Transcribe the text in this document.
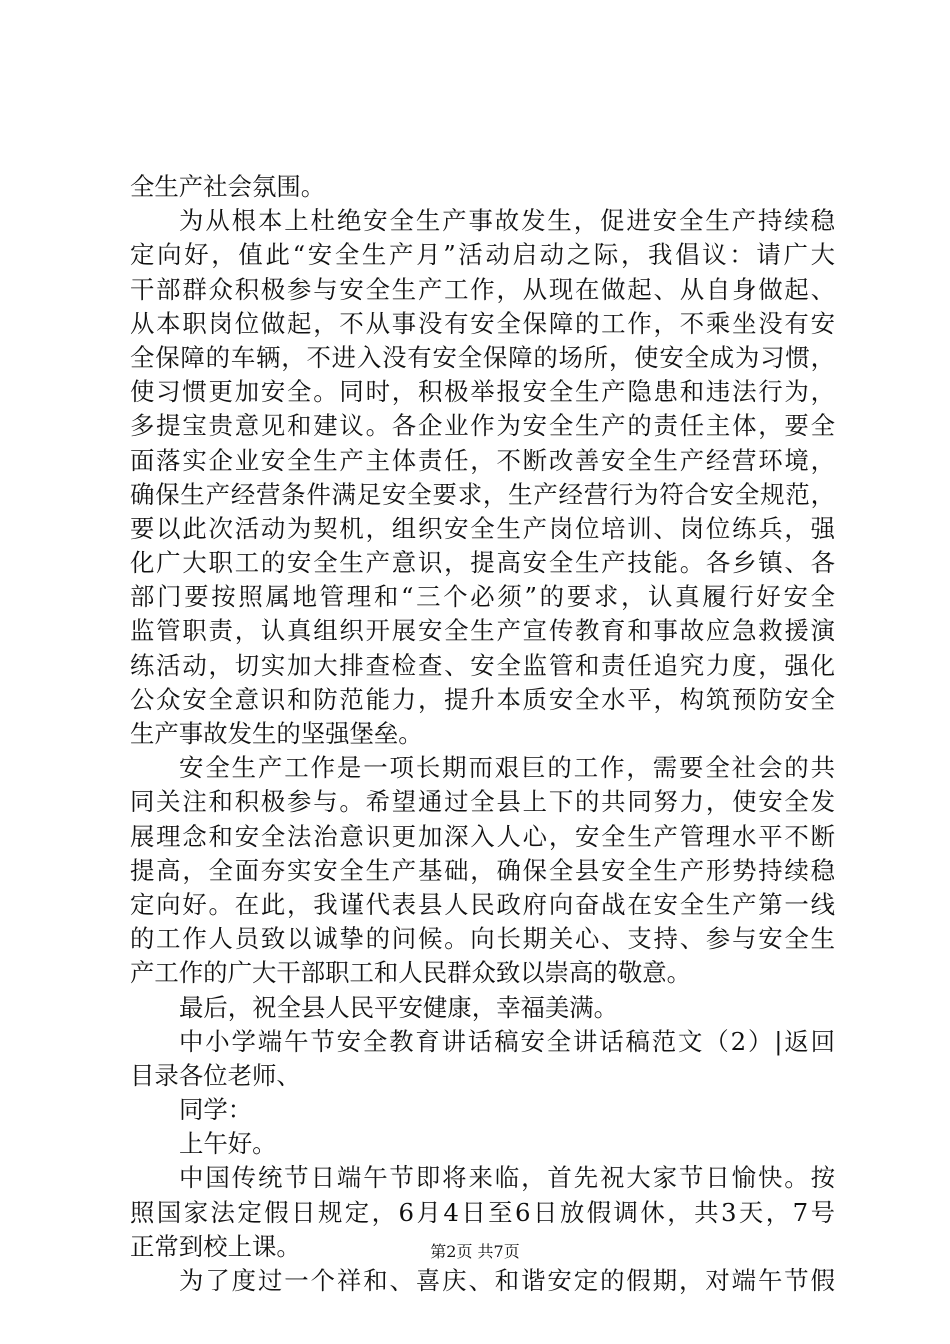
全生产社会氛围。
为从根本上杜绝安全生产事故发生，促进安全生产持续稳
定向好，值此“安全生产月”活动启动之际，我倡议：请广大
干部群众积极参与安全生产工作，从现在做起、从自身做起、
从本职岗位做起，不从事没有安全保障的工作，不乘坐没有安
全保障的车辆，不进入没有安全保障的场所，使安全成为习惯，
使习惯更加安全。同时，积极举报安全生产隐患和违法行为，
多提宝贵意见和建议。各企业作为安全生产的责任主体，要全
面落实企业安全生产主体责任，不断改善安全生产经营环境，
确保生产经营条件满足安全要求，生产经营行为符合安全规范，
要以此次活动为契机，组织安全生产岗位培训、岗位练兵，强
化广大职工的安全生产意识，提高安全生产技能。各乡镇、各
部门要按照属地管理和“三个必须”的要求，认真履行好安全
监管职责，认真组织开展安全生产宣传教育和事故应急救援演
练活动，切实加大排查检查、安全监管和责任追究力度，强化
公众安全意识和防范能力，提升本质安全水平，构筑预防安全
生产事故发生的坚强堡垒。
安全生产工作是一项长期而艰巨的工作，需要全社会的共
同关注和积极参与。希望通过全县上下的共同努力，使安全发
展理念和安全法治意识更加深入人心，安全生产管理水平不断
提高，全面夯实安全生产基础，确保全县安全生产形势持续稳
定向好。在此，我谨代表县人民政府向奋战在安全生产第一线
的工作人员致以诚挚的问候。向长期关心、支持、参与安全生
产工作的广大干部职工和人民群众致以崇高的敬意。
最后，祝全县人民平安健康，幸福美满。
中小学端午节安全教育讲话稿安全讲话稿范文（2）|返回
目录各位老师、
同学：
上午好。
中国传统节日端午节即将来临，首先祝大家节日愉快。按
照国家法定假日规定，6月4日至6日放假调休，共3天，7号
正常到校上课。
为了度过一个祥和、喜庆、和谐安定的假期，对端午节假
第2页 共7页
